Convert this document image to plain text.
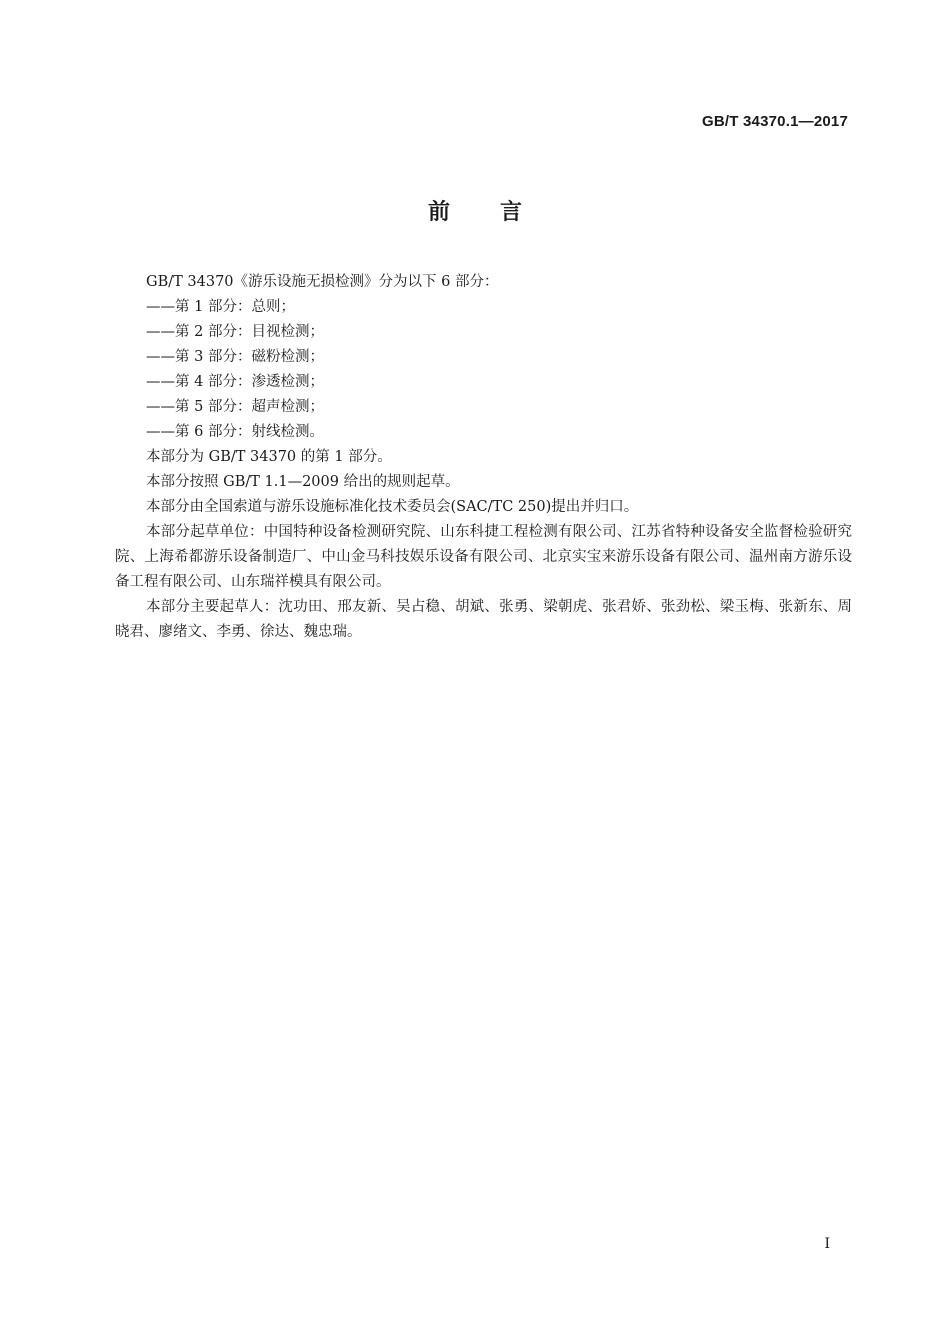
GB/T 34370.1—2017
前言

GB/T 34370《游乐设施无损检测》分为以下 6 部分：

——第 1 部分：总则；

——第 2 部分：目视检测；

——第 3 部分：磁粉检测；

——第 4 部分：渗透检测；

——第 5 部分：超声检测；

——第 6 部分：射线检测。

本部分为 GB/T 34370 的第 1 部分。

本部分按照 GB/T 1.1—2009 给出的规则起草。

本部分由全国索道与游乐设施标准化技术委员会(SAC/TC 250)提出并归口。

本部分起草单位：中国特种设备检测研究院、山东科捷工程检测有限公司、江苏省特种设备安全监督检验研究院、上海希都游乐设备制造厂、中山金马科技娱乐设备有限公司、北京实宝来游乐设备有限公司、温州南方游乐设备工程有限公司、山东瑞祥模具有限公司。

本部分主要起草人：沈功田、邢友新、吴占稳、胡斌、张勇、梁朝虎、张君娇、张劲松、梁玉梅、张新东、周晓君、廖绪文、李勇、徐达、魏忠瑞。

I
